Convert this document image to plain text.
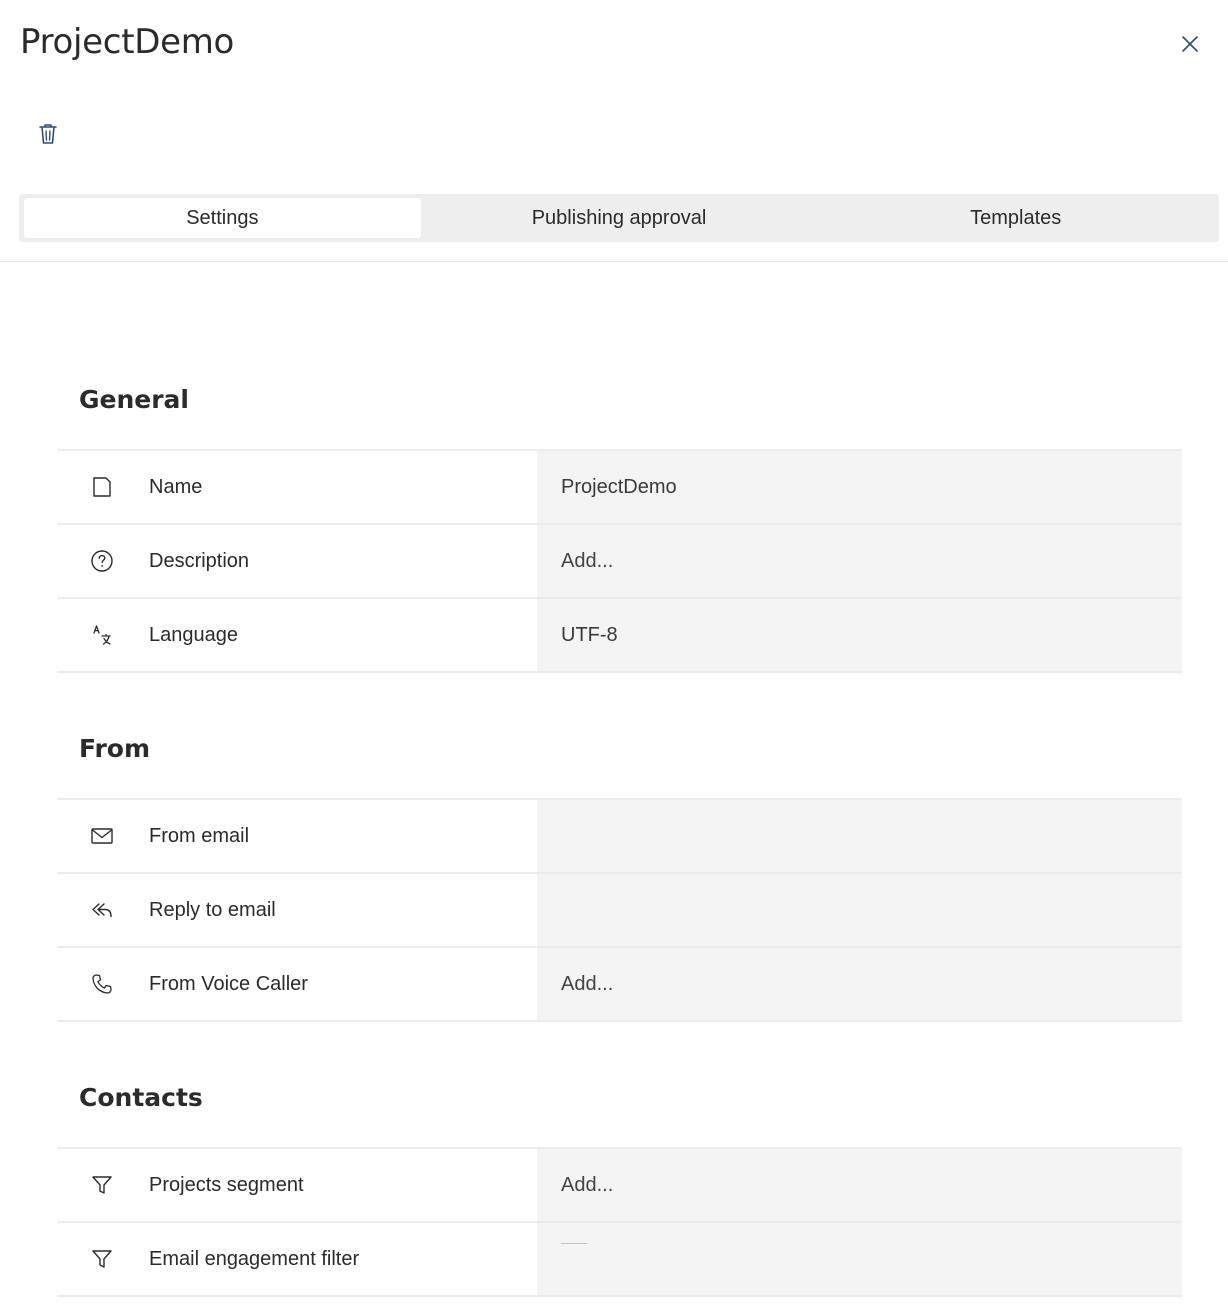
ProjectDemo
Settings	Publishing approval	Templates
General
Name	ProjectDemo
Description	Add...
Language	UTF-8
From
From email
Reply to email
From Voice Caller	Add...
Contacts
Projects segment	Add...
Email engagement filter
